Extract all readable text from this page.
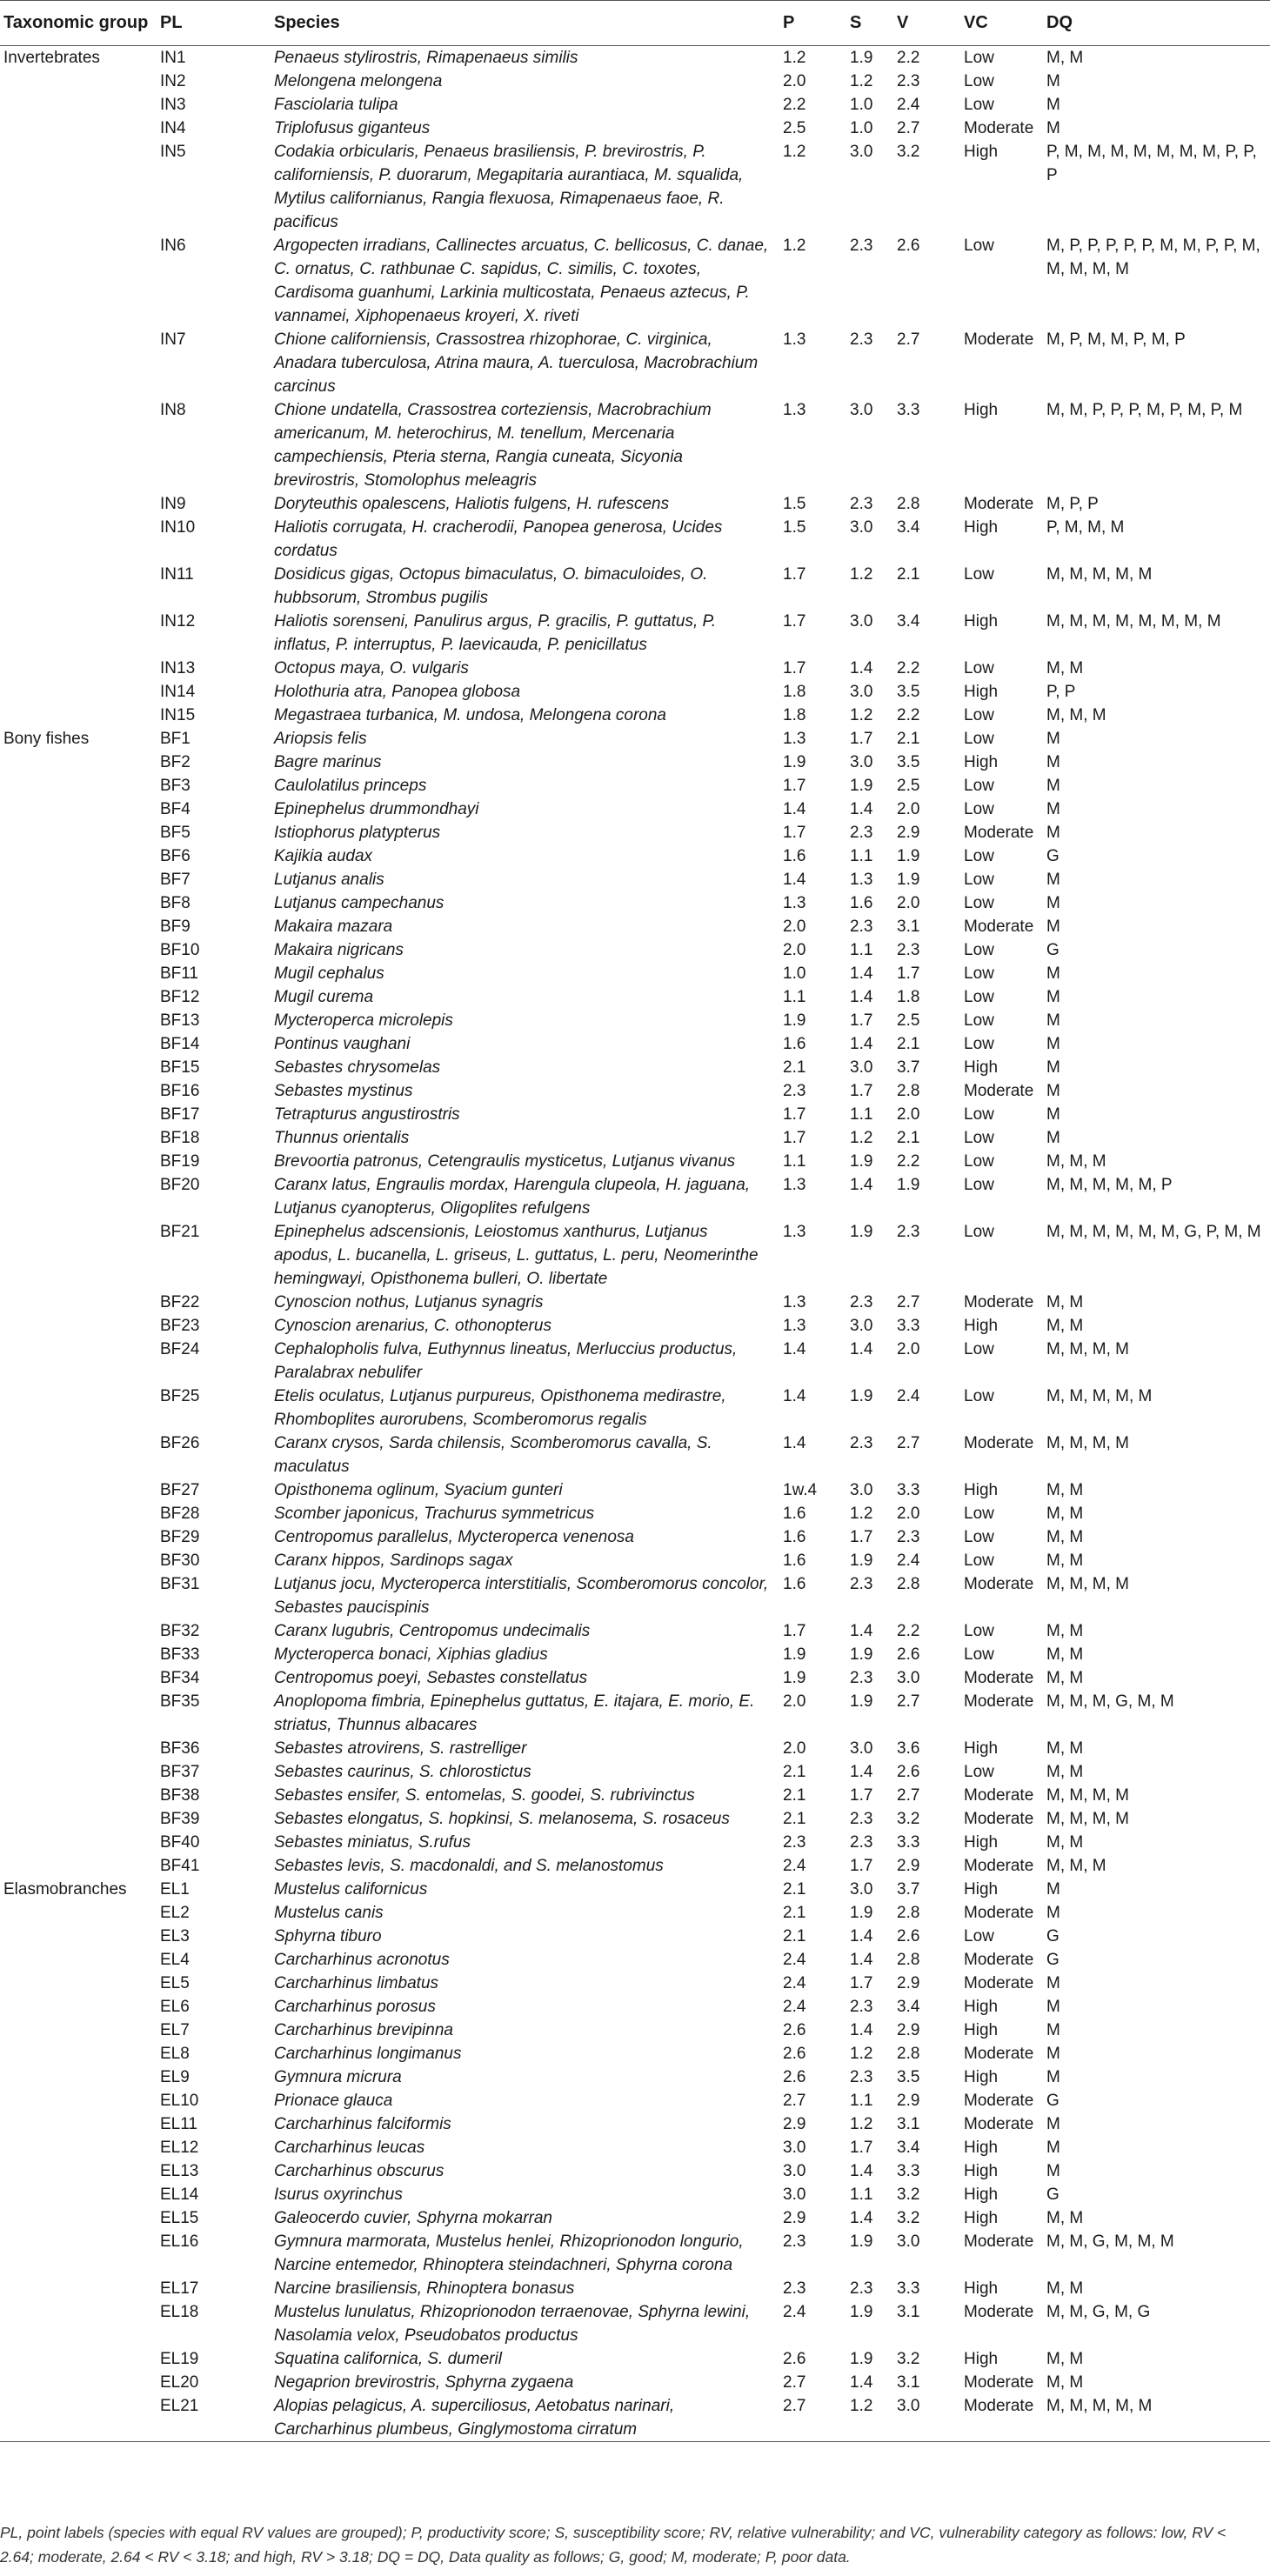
Taxonomic group	PL	Species	P	S	V	VC	DQ
Invertebrates	IN1	Penaeus stylirostris, Rimapenaeus similis	1.2	1.9	2.2	Low	M, M
	IN2	Melongena melongena	2.0	1.2	2.3	Low	M
	IN3	Fasciolaria tulipa	2.2	1.0	2.4	Low	M
	IN4	Triplofusus giganteus	2.5	1.0	2.7	Moderate	M
	IN5	Codakia orbicularis, Penaeus brasiliensis, P. brevirostris, P. californiensis, P. duorarum, Megapitaria aurantiaca, M. squalida, Mytilus californianus, Rangia flexuosa, Rimapenaeus faoe, R. pacificus	1.2	3.0	3.2	High	P, M, M, M, M, M, M, M, P, P, P
	IN6	Argopecten irradians, Callinectes arcuatus, C. bellicosus, C. danae, C. ornatus, C. rathbunae C. sapidus, C. similis, C. toxotes, Cardisoma guanhumi, Larkinia multicostata, Penaeus aztecus, P. vannamei, Xiphopenaeus kroyeri, X. riveti	1.2	2.3	2.6	Low	M, P, P, P, P, P, M, M, P, P, M, M, M, M, M
	IN7	Chione californiensis, Crassostrea rhizophorae, C. virginica, Anadara tuberculosa, Atrina maura, A. tuerculosa, Macrobrachium carcinus	1.3	2.3	2.7	Moderate	M, P, M, M, P, M, P
	IN8	Chione undatella, Crassostrea corteziensis, Macrobrachium americanum, M. heterochirus, M. tenellum, Mercenaria campechiensis, Pteria sterna, Rangia cuneata, Sicyonia brevirostris, Stomolophus meleagris	1.3	3.0	3.3	High	M, M, P, P, P, M, P, M, P, M
	IN9	Doryteuthis opalescens, Haliotis fulgens, H. rufescens	1.5	2.3	2.8	Moderate	M, P, P
	IN10	Haliotis corrugata, H. cracherodii, Panopea generosa, Ucides cordatus	1.5	3.0	3.4	High	P, M, M, M
	IN11	Dosidicus gigas, Octopus bimaculatus, O. bimaculoides, O. hubbsorum, Strombus pugilis	1.7	1.2	2.1	Low	M, M, M, M, M
	IN12	Haliotis sorenseni, Panulirus argus, P. gracilis, P. guttatus, P. inflatus, P. interruptus, P. laevicauda, P. penicillatus	1.7	3.0	3.4	High	M, M, M, M, M, M, M, M
	IN13	Octopus maya, O. vulgaris	1.7	1.4	2.2	Low	M, M
	IN14	Holothuria atra, Panopea globosa	1.8	3.0	3.5	High	P, P
	IN15	Megastraea turbanica, M. undosa, Melongena corona	1.8	1.2	2.2	Low	M, M, M
Bony fishes	BF1	Ariopsis felis	1.3	1.7	2.1	Low	M
	BF2	Bagre marinus	1.9	3.0	3.5	High	M
	BF3	Caulolatilus princeps	1.7	1.9	2.5	Low	M
	BF4	Epinephelus drummondhayi	1.4	1.4	2.0	Low	M
	BF5	Istiophorus platypterus	1.7	2.3	2.9	Moderate	M
	BF6	Kajikia audax	1.6	1.1	1.9	Low	G
	BF7	Lutjanus analis	1.4	1.3	1.9	Low	M
	BF8	Lutjanus campechanus	1.3	1.6	2.0	Low	M
	BF9	Makaira mazara	2.0	2.3	3.1	Moderate	M
	BF10	Makaira nigricans	2.0	1.1	2.3	Low	G
	BF11	Mugil cephalus	1.0	1.4	1.7	Low	M
	BF12	Mugil curema	1.1	1.4	1.8	Low	M
	BF13	Mycteroperca microlepis	1.9	1.7	2.5	Low	M
	BF14	Pontinus vaughani	1.6	1.4	2.1	Low	M
	BF15	Sebastes chrysomelas	2.1	3.0	3.7	High	M
	BF16	Sebastes mystinus	2.3	1.7	2.8	Moderate	M
	BF17	Tetrapturus angustirostris	1.7	1.1	2.0	Low	M
	BF18	Thunnus orientalis	1.7	1.2	2.1	Low	M
	BF19	Brevoortia patronus, Cetengraulis mysticetus, Lutjanus vivanus	1.1	1.9	2.2	Low	M, M, M
	BF20	Caranx latus, Engraulis mordax, Harengula clupeola, H. jaguana, Lutjanus cyanopterus, Oligoplites refulgens	1.3	1.4	1.9	Low	M, M, M, M, M, P
	BF21	Epinephelus adscensionis, Leiostomus xanthurus, Lutjanus apodus, L. bucanella, L. griseus, L. guttatus, L. peru, Neomerinthe hemingwayi, Opisthonema bulleri, O. libertate	1.3	1.9	2.3	Low	M, M, M, M, M, M, G, P, M, M
	BF22	Cynoscion nothus, Lutjanus synagris	1.3	2.3	2.7	Moderate	M, M
	BF23	Cynoscion arenarius, C. othonopterus	1.3	3.0	3.3	High	M, M
	BF24	Cephalopholis fulva, Euthynnus lineatus, Merluccius productus, Paralabrax nebulifer	1.4	1.4	2.0	Low	M, M, M, M
	BF25	Etelis oculatus, Lutjanus purpureus, Opisthonema medirastre, Rhomboplites aurorubens, Scomberomorus regalis	1.4	1.9	2.4	Low	M, M, M, M, M
	BF26	Caranx crysos, Sarda chilensis, Scomberomorus cavalla, S. maculatus	1.4	2.3	2.7	Moderate	M, M, M, M
	BF27	Opisthonema oglinum, Syacium gunteri	1w.4	3.0	3.3	High	M, M
	BF28	Scomber japonicus, Trachurus symmetricus	1.6	1.2	2.0	Low	M, M
	BF29	Centropomus parallelus, Mycteroperca venenosa	1.6	1.7	2.3	Low	M, M
	BF30	Caranx hippos, Sardinops sagax	1.6	1.9	2.4	Low	M, M
	BF31	Lutjanus jocu, Mycteroperca interstitialis, Scomberomorus concolor, Sebastes paucispinis	1.6	2.3	2.8	Moderate	M, M, M, M
	BF32	Caranx lugubris, Centropomus undecimalis	1.7	1.4	2.2	Low	M, M
	BF33	Mycteroperca bonaci, Xiphias gladius	1.9	1.9	2.6	Low	M, M
	BF34	Centropomus poeyi, Sebastes constellatus	1.9	2.3	3.0	Moderate	M, M
	BF35	Anoplopoma fimbria, Epinephelus guttatus, E. itajara, E. morio, E. striatus, Thunnus albacares	2.0	1.9	2.7	Moderate	M, M, M, G, M, M
	BF36	Sebastes atrovirens, S. rastrelliger	2.0	3.0	3.6	High	M, M
	BF37	Sebastes caurinus, S. chlorostictus	2.1	1.4	2.6	Low	M, M
	BF38	Sebastes ensifer, S. entomelas, S. goodei, S. rubrivinctus	2.1	1.7	2.7	Moderate	M, M, M, M
	BF39	Sebastes elongatus, S. hopkinsi, S. melanosema, S. rosaceus	2.1	2.3	3.2	Moderate	M, M, M, M
	BF40	Sebastes miniatus, S.rufus	2.3	2.3	3.3	High	M, M
	BF41	Sebastes levis, S. macdonaldi, and S. melanostomus	2.4	1.7	2.9	Moderate	M, M, M
Elasmobranches	EL1	Mustelus californicus	2.1	3.0	3.7	High	M
	EL2	Mustelus canis	2.1	1.9	2.8	Moderate	M
	EL3	Sphyrna tiburo	2.1	1.4	2.6	Low	G
	EL4	Carcharhinus acronotus	2.4	1.4	2.8	Moderate	G
	EL5	Carcharhinus limbatus	2.4	1.7	2.9	Moderate	M
	EL6	Carcharhinus porosus	2.4	2.3	3.4	High	M
	EL7	Carcharhinus brevipinna	2.6	1.4	2.9	High	M
	EL8	Carcharhinus longimanus	2.6	1.2	2.8	Moderate	M
	EL9	Gymnura micrura	2.6	2.3	3.5	High	M
	EL10	Prionace glauca	2.7	1.1	2.9	Moderate	G
	EL11	Carcharhinus falciformis	2.9	1.2	3.1	Moderate	M
	EL12	Carcharhinus leucas	3.0	1.7	3.4	High	M
	EL13	Carcharhinus obscurus	3.0	1.4	3.3	High	M
	EL14	Isurus oxyrinchus	3.0	1.1	3.2	High	G
	EL15	Galeocerdo cuvier, Sphyrna mokarran	2.9	1.4	3.2	High	M, M
	EL16	Gymnura marmorata, Mustelus henlei, Rhizoprionodon longurio, Narcine entemedor, Rhinoptera steindachneri, Sphyrna corona	2.3	1.9	3.0	Moderate	M, M, G, M, M, M
	EL17	Narcine brasiliensis, Rhinoptera bonasus	2.3	2.3	3.3	High	M, M
	EL18	Mustelus lunulatus, Rhizoprionodon terraenovae, Sphyrna lewini, Nasolamia velox, Pseudobatos productus	2.4	1.9	3.1	Moderate	M, M, G, M, G
	EL19	Squatina californica, S. dumeril	2.6	1.9	3.2	High	M, M
	EL20	Negaprion brevirostris, Sphyrna zygaena	2.7	1.4	3.1	Moderate	M, M
	EL21	Alopias pelagicus, A. superciliosus, Aetobatus narinari, Carcharhinus plumbeus, Ginglymostoma cirratum	2.7	1.2	3.0	Moderate	M, M, M, M, M

PL, point labels (species with equal RV values are grouped); P, productivity score; S, susceptibility score; RV, relative vulnerability; and VC, vulnerability category as follows: low, RV < 2.64; moderate, 2.64 < RV < 3.18; and high, RV > 3.18; DQ = DQ, Data quality as follows; G, good; M, moderate; P, poor data.
